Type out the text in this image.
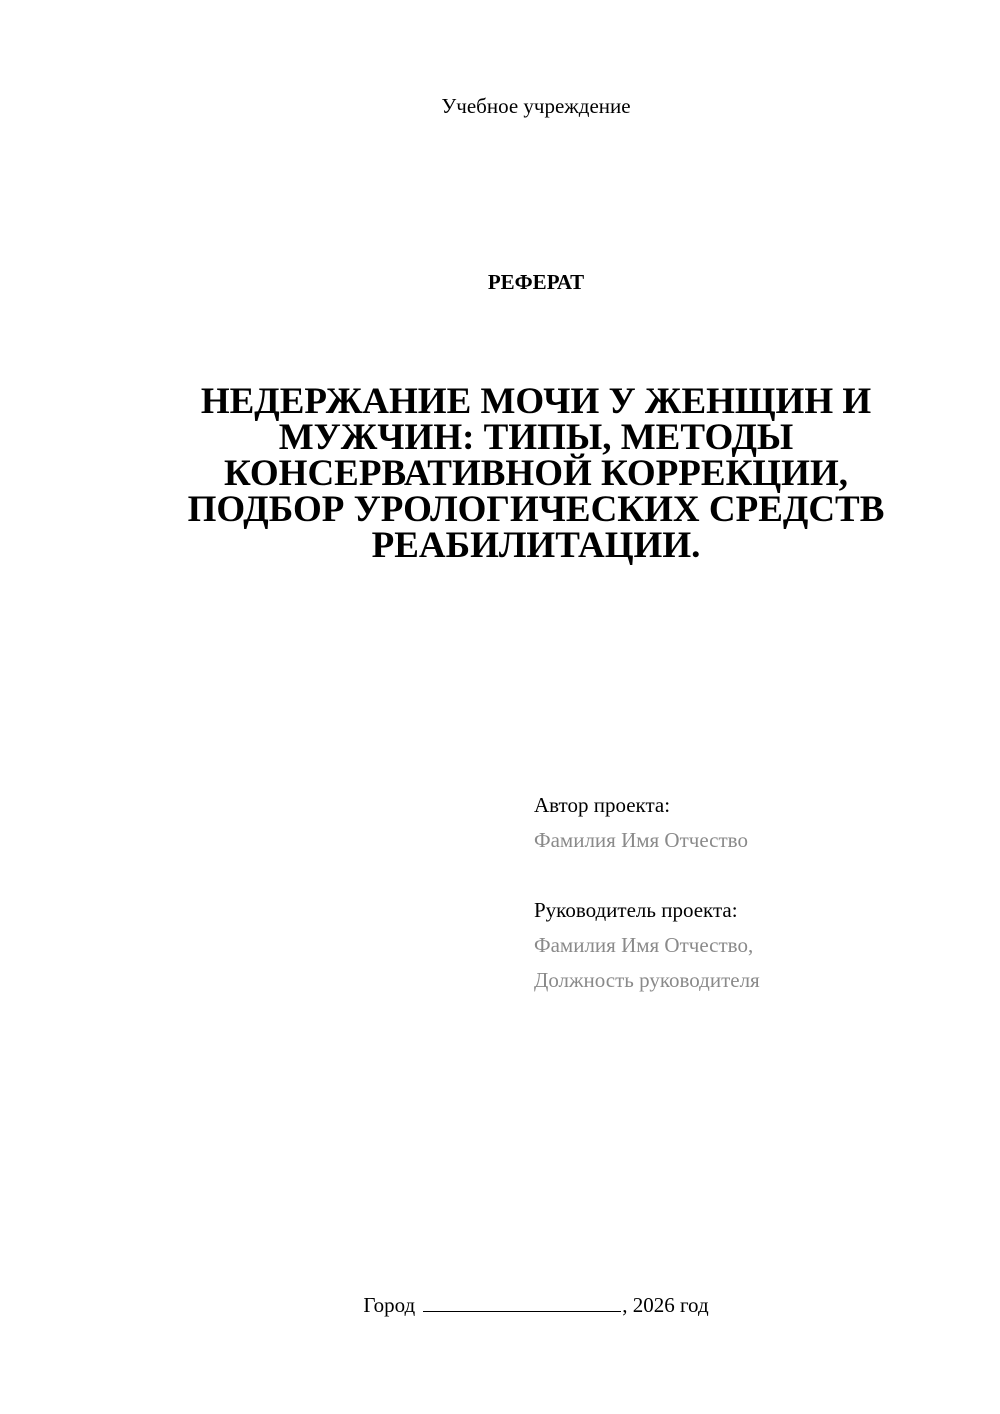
Учебное учреждение
РЕФЕРАТ
НЕДЕРЖАНИЕ МОЧИ У ЖЕНЩИН И
МУЖЧИН: ТИПЫ, МЕТОДЫ
КОНСЕРВАТИВНОЙ КОРРЕКЦИИ,
ПОДБОР УРОЛОГИЧЕСКИХ СРЕДСТВ
РЕАБИЛИТАЦИИ.
Автор проекта:
Фамилия Имя Отчество
Руководитель проекта:
Фамилия Имя Отчество,
Должность руководителя
Город	, 2026 год
